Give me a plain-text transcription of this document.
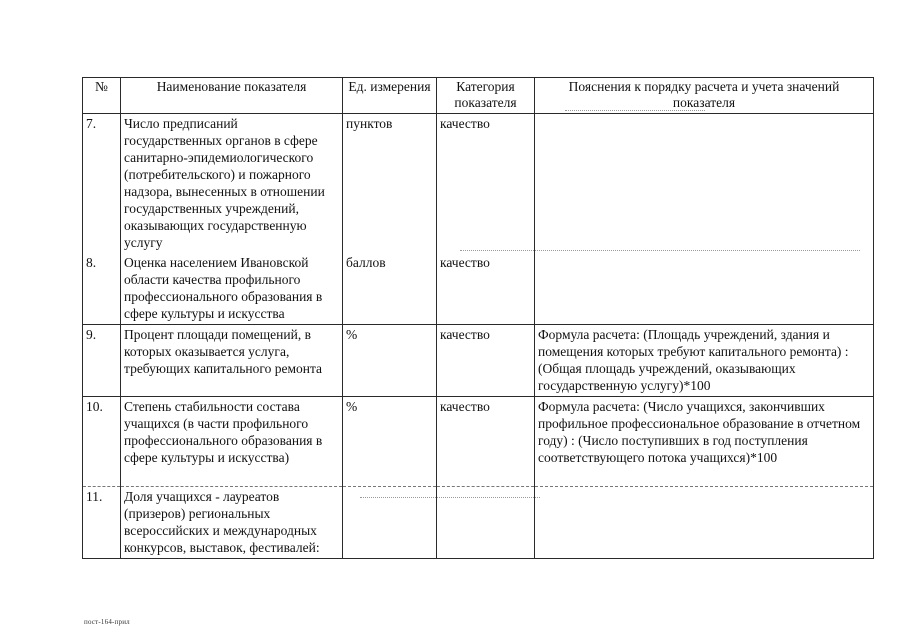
№	Наименование показателя	Ед. измерения	Категория показателя	Пояснения к порядку расчета и учета значений показателя
7.	Число предписаний государственных органов в сфере санитарно-эпидемиологического (потребительского) и пожарного надзора, вынесенных в отношении государственных учреждений, оказывающих государственную услугу	пунктов	качество	
8.	Оценка населением Ивановской области качества профильного профессионального образования в сфере культуры и искусства	баллов	качество	
9.	Процент площади помещений, в которых оказывается услуга, требующих капитального ремонта	%	качество	Формула расчета: (Площадь учреждений, здания и помещения которых требуют капитального ремонта) : (Общая площадь учреждений, оказывающих государственную услугу)*100
10.	Степень стабильности состава учащихся (в части профильного профессионального образования в сфере культуры и искусства)	%	качество	Формула расчета: (Число учащихся, закончивших профильное профессиональное образование в отчетном году) : (Число поступивших в год поступления соответствующего потока учащихся)*100
11.	Доля учащихся - лауреатов (призеров) региональных всероссийских и международных конкурсов, выставок, фестивалей:			
пост-164-прил
